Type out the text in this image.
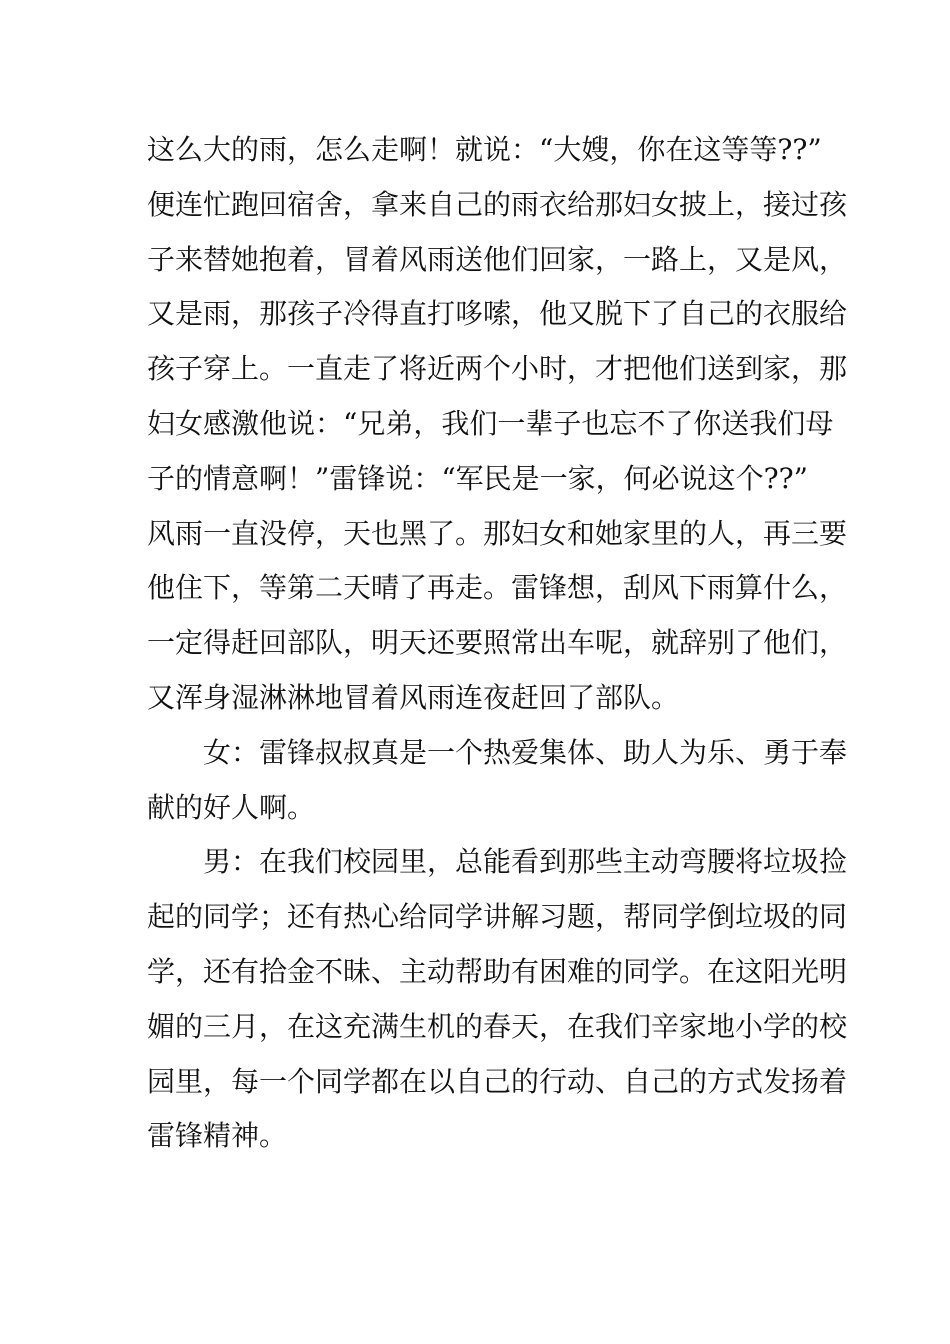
这么大的雨，怎么走啊！就说：“大嫂，你在这等等??”
便连忙跑回宿舍，拿来自己的雨衣给那妇女披上，接过孩
子来替她抱着，冒着风雨送他们回家，一路上，又是风，
又是雨，那孩子冷得直打哆嗦，他又脱下了自己的衣服给
孩子穿上。一直走了将近两个小时，才把他们送到家，那
妇女感激他说：“兄弟，我们一辈子也忘不了你送我们母
子的情意啊！”雷锋说：“军民是一家，何必说这个??”
风雨一直没停，天也黑了。那妇女和她家里的人，再三要
他住下，等第二天晴了再走。雷锋想，刮风下雨算什么，
一定得赶回部队，明天还要照常出车呢，就辞别了他们，
又浑身湿淋淋地冒着风雨连夜赶回了部队。
女：雷锋叔叔真是一个热爱集体、助人为乐、勇于奉
献的好人啊。
男：在我们校园里，总能看到那些主动弯腰将垃圾捡
起的同学；还有热心给同学讲解习题，帮同学倒垃圾的同
学，还有拾金不昧、主动帮助有困难的同学。在这阳光明
媚的三月，在这充满生机的春天，在我们辛家地小学的校
园里，每一个同学都在以自己的行动、自己的方式发扬着
雷锋精神。
